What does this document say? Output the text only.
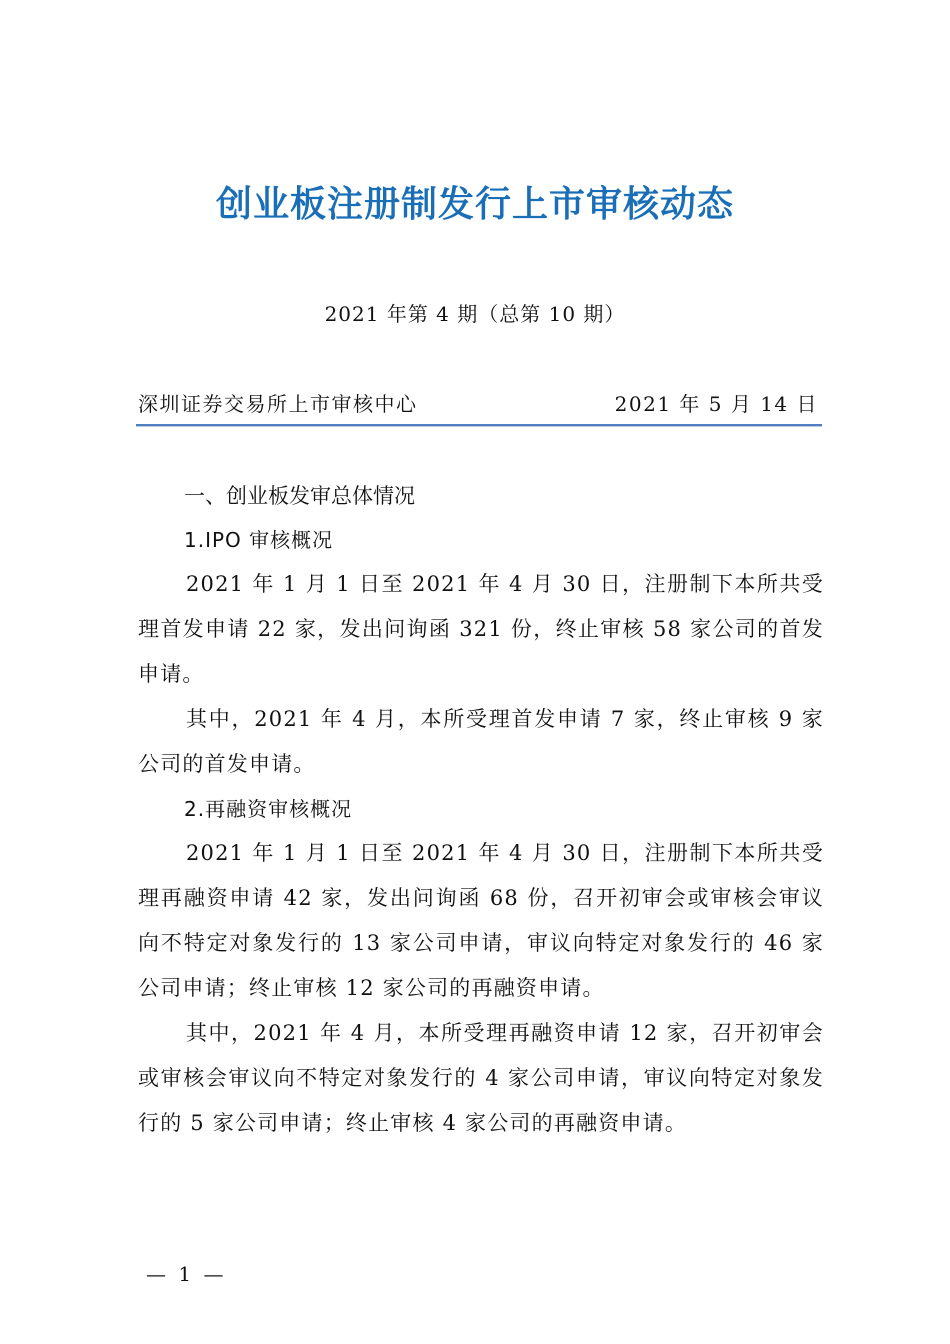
创业板注册制发行上市审核动态
2021 年第 4 期（总第 10 期）
深圳证券交易所上市审核中心	2021 年 5 月 14 日
一、创业板发审总体情况
1.IPO 审核概况

2021 年 1 月 1 日至 2021 年 4 月 30 日，注册制下本所共受理首发申请 22 家，发出问询函 321 份，终止审核 58 家公司的首发申请。

其中，2021 年 4 月，本所受理首发申请 7 家，终止审核 9 家公司的首发申请。

2.再融资审核概况

2021 年 1 月 1 日至 2021 年 4 月 30 日，注册制下本所共受理再融资申请 42 家，发出问询函 68 份，召开初审会或审核会审议向不特定对象发行的 13 家公司申请，审议向特定对象发行的 46 家公司申请；终止审核 12 家公司的再融资申请。

其中，2021 年 4 月，本所受理再融资申请 12 家，召开初审会或审核会审议向不特定对象发行的 4 家公司申请，审议向特定对象发行的 5 家公司申请；终止审核 4 家公司的再融资申请。

— 1 —
